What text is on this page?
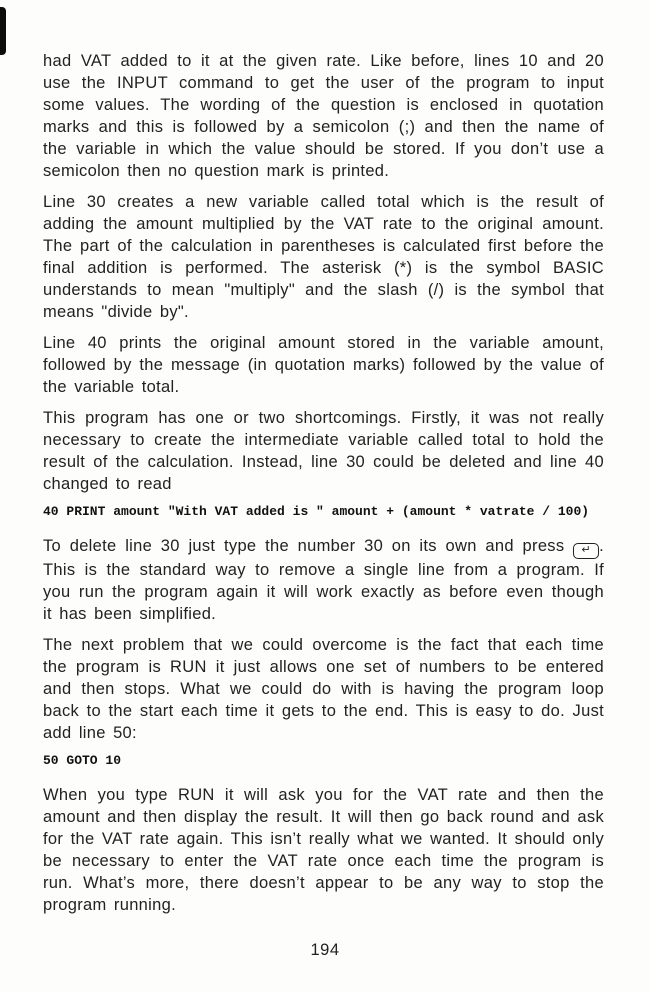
had VAT added to it at the given rate. Like before, lines 10 and 20 use the INPUT command to get the user of the program to input some values. The wording of the question is enclosed in quotation marks and this is followed by a semicolon (;) and then the name of the variable in which the value should be stored. If you don’t use a semicolon then no question mark is printed.

Line 30 creates a new variable called total which is the result of adding the amount multiplied by the VAT rate to the original amount. The part of the calculation in parentheses is calculated first before the final addition is performed. The asterisk (*) is the symbol BASIC understands to mean "multiply" and the slash (/) is the symbol that means "divide by".

Line 40 prints the original amount stored in the variable amount, followed by the message (in quotation marks) followed by the value of the variable total.

This program has one or two shortcomings. Firstly, it was not really necessary to create the intermediate variable called total to hold the result of the calculation. Instead, line 30 could be deleted and line 40 changed to read

40 PRINT amount "With VAT added is " amount + (amount * vatrate / 100)

To delete line 30 just type the number 30 on its own and press ↵ . This is the standard way to remove a single line from a program. If you run the program again it will work exactly as before even though it has been simplified.

The next problem that we could overcome is the fact that each time the program is RUN it just allows one set of numbers to be entered and then stops. What we could do with is having the program loop back to the start each time it gets to the end. This is easy to do. Just add line 50:

50 GOTO 10

When you type RUN it will ask you for the VAT rate and then the amount and then display the result. It will then go back round and ask for the VAT rate again. This isn’t really what we wanted. It should only be necessary to enter the VAT rate once each time the program is run. What’s more, there doesn’t appear to be any way to stop the program running.

194
